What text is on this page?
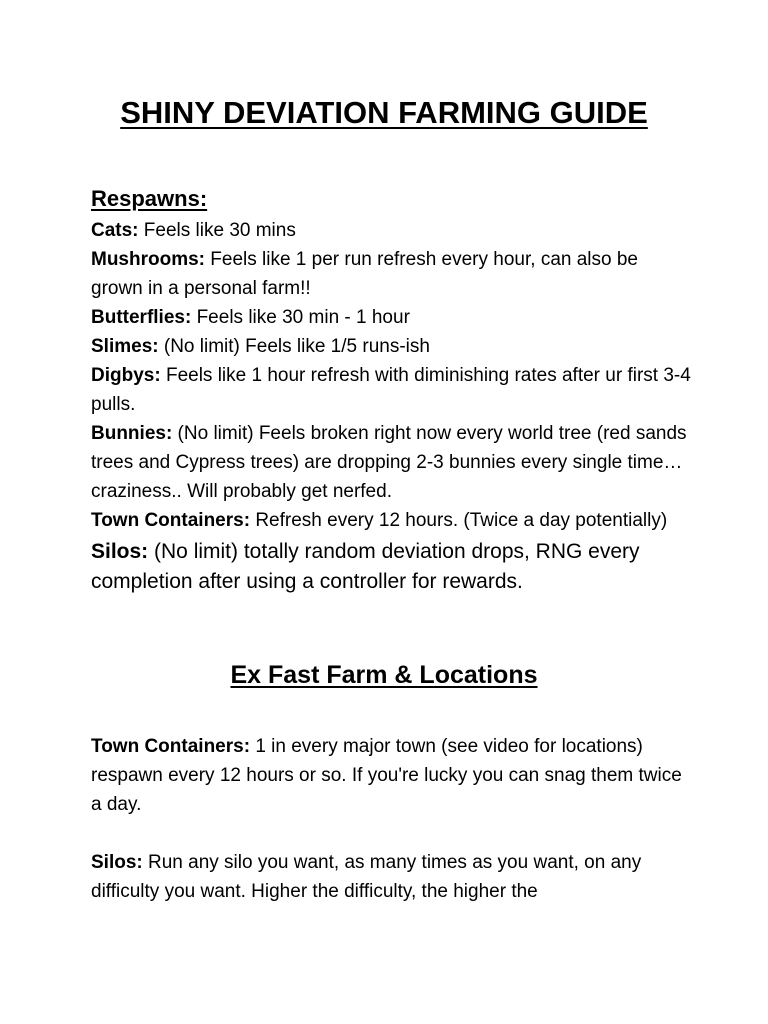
SHINY DEVIATION FARMING GUIDE
Respawns:

Cats: Feels like 30 mins

Mushrooms: Feels like 1 per run refresh every hour, can also be grown in a personal farm!!

Butterflies: Feels like 30 min - 1 hour

Slimes: (No limit) Feels like 1/5 runs-ish

Digbys: Feels like 1 hour refresh with diminishing rates after ur first 3-4 pulls.

Bunnies: (No limit) Feels broken right now every world tree (red sands trees and Cypress trees) are dropping 2-3 bunnies every single time… craziness.. Will probably get nerfed.

Town Containers: Refresh every 12 hours. (Twice a day potentially)

Silos: (No limit) totally random deviation drops, RNG every completion after using a controller for rewards.

Ex Fast Farm & Locations

Town Containers: 1 in every major town (see video for locations) respawn every 12 hours or so. If you're lucky you can snag them twice a day.

Silos: Run any silo you want, as many times as you want, on any difficulty you want. Higher the difficulty, the higher the
